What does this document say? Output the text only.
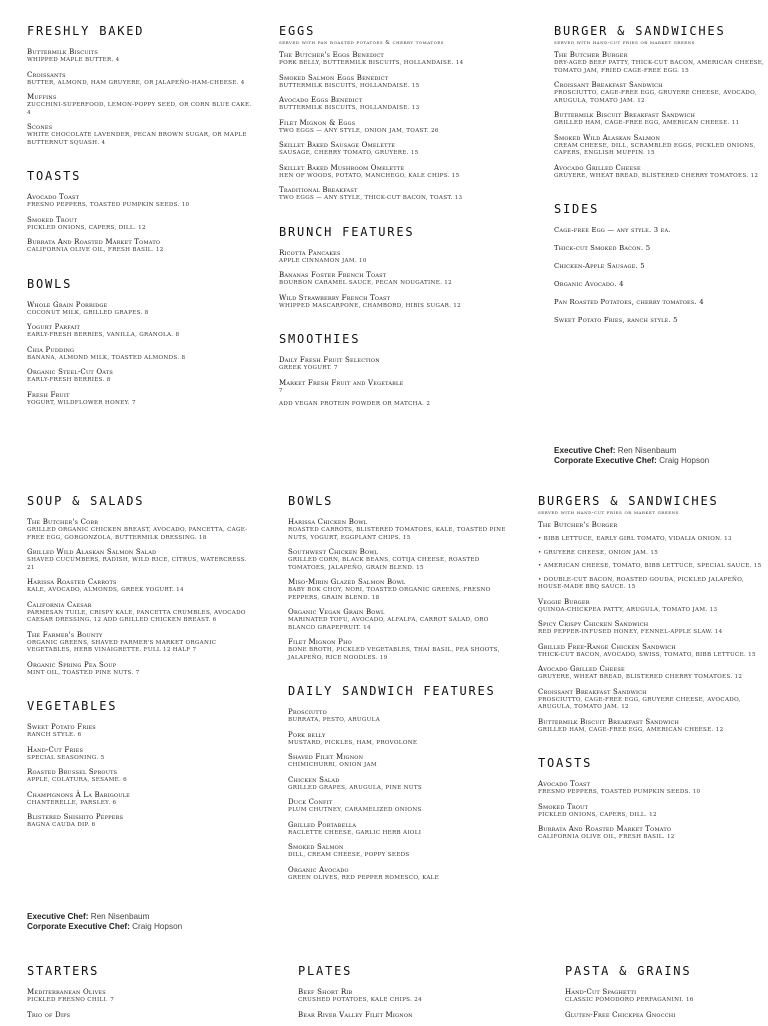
FRESHLY BAKED
Buttermilk Biscuits
WHIPPED MAPLE BUTTER. 4
Croissants
BUTTER, ALMOND, HAM GRUYERE, OR JALAPEÑO-HAM-CHEESE. 4
Muffins
ZUCCHINI-SUPERFOOD, LEMON-POPPY SEED, OR CORN BLUE CAKE. 4
Scones
WHITE CHOCOLATE LAVENDER, PECAN BROWN SUGAR, OR MAPLE BUTTERNUT SQUASH. 4
TOASTS
Avocado Toast
FRESNO PEPPERS, TOASTED PUMPKIN SEEDS. 10
Smoked Trout
PICKLED ONIONS, CAPERS, DILL. 12
Burrata And Roasted Market Tomato
CALIFORNIA OLIVE OIL, FRESH BASIL. 12
BOWLS
Whole Grain Porridge
COCONUT MILK, GRILLED GRAPES. 8
Yogurt Parfait
EARLY-FRESH BERRIES, VANILLA, GRANOLA. 8
Chia Pudding
BANANA, ALMOND MILK, TOASTED ALMONDS. 8
Organic Steel-Cut Oats
EARLY-FRESH BERRIES. 8
Fresh Fruit
YOGURT, WILDFLOWER HONEY. 7
EGGS
served with pan roasted potatoes & cherry tomatoes
The Butcher's Eggs Benedict
PORK BELLY, BUTTERMILK BISCUITS, HOLLANDAISE. 14
Smoked Salmon Eggs Benedict
BUTTERMILK BISCUITS, HOLLANDAISE. 15
Avocado Eggs Benedict
BUTTERMILK BISCUITS, HOLLANDAISE. 13
Filet Mignon & Eggs
TWO EGGS — ANY STYLE, ONION JAM, TOAST. 26
Skillet Baked Sausage Omelette
SAUSAGE, CHERRY TOMATO, GRUYERE. 15
Skillet Baked Mushroom Omelette
HEN OF WOODS, POTATO, MANCHEGO, KALE CHIPS. 15
Traditional Breakfast
TWO EGGS — ANY STYLE, THICK-CUT BACON, TOAST. 13
BRUNCH FEATURES
Ricotta Pancakes
APPLE CINNAMON JAM. 10
Bananas Foster French Toast
BOURBON CARAMEL SAUCE, PECAN NOUGATINE. 12
Wild Strawberry French Toast
WHIPPED MASCARPONE, CHAMBORD, HIBIS SUGAR. 12
SMOOTHIES
Daily Fresh Fruit Selection
GREEK YOGURT. 7
Market Fresh Fruit and Vegetable
7
ADD VEGAN PROTEIN POWDER OR MATCHA. 2
BURGER & SANDWICHES
served with hand-cut fries or market greens
The Butcher Burger
DRY-AGED BEEF PATTY, THICK-CUT BACON, AMERICAN CHEESE, TOMATO JAM, FRIED CAGE-FREE EGG. 15
Croissant Breakfast Sandwich
PROSCIUTTO, CAGE-FREE EGG, GRUYERE CHEESE, AVOCADO, ARUGULA, TOMATO JAM. 12
Buttermilk Biscuit Breakfast Sandwich
GRILLED HAM, CAGE-FREE EGG, AMERICAN CHEESE. 11
Smoked Wild Alaskan Salmon
CREAM CHEESE, DILL, SCRAMBLED EGGS, PICKLED ONIONS, CAPERS, ENGLISH MUFFIN. 15
Avocado Grilled Cheese
GRUYERE, WHEAT BREAD, BLISTERED CHERRY TOMATOES. 12
SIDES
Cage-free Egg — any style. 3 ea.
Thick-cut Smoked Bacon. 5
Chicken-Apple Sausage. 5
Organic Avocado. 4
Pan Roasted Potatoes, cherry tomatoes. 4
Sweet Potato Fries, ranch style. 5
Executive Chef: Ren Nisenbaum
Corporate Executive Chef: Craig Hopson
SOUP & SALADS
The Butcher's Cobb
GRILLED ORGANIC CHICKEN BREAST, AVOCADO, PANCETTA, CAGE-FREE EGG, GORGONZOLA, BUTTERMILK DRESSING. 18
Grilled Wild Alaskan Salmon Salad
SHAVED CUCUMBERS, RADISH, WILD RICE, CITRUS, WATERCRESS. 21
Harissa Roasted Carrots
KALE, AVOCADO, ALMONDS, GREEK YOGURT. 14
California Caesar
PARMESAN TUILE, CRISPY KALE, PANCETTA CRUMBLES, AVOCADO CAESAR DRESSING. 12 ADD GRILLED CHICKEN BREAST. 6
The Farmer's Bounty
ORGANIC GREENS, SHAVED FARMER'S MARKET ORGANIC VEGETABLES, HERB VINAIGRETTE. FULL 12 HALF 7
Organic Spring Pea Soup
MINT OIL, TOASTED PINE NUTS. 7
VEGETABLES
Sweet Potato Fries
RANCH STYLE. 6
Hand-Cut Fries
SPECIAL SEASONING. 5
Roasted Brussel Sprouts
APPLE, COLATURA, SESAME. 6
Champignons À La Barigoule
CHANTERELLE, PARSLEY. 6
Blistered Shishito Peppers
BAGNA CAUDA DIP. 6
BOWLS
Harissa Chicken Bowl
ROASTED CARROTS, BLISTERED TOMATOES, KALE, TOASTED PINE NUTS, YOGURT, EGGPLANT CHIPS. 15
Southwest Chicken Bowl
GRILLED CORN, BLACK BEANS, COTIJA CHEESE, ROASTED TOMATOES, JALAPEÑO, GRAIN BLEND. 15
Miso-Mirin Glazed Salmon Bowl
BABY BOK CHOY, NORI, TOASTED ORGANIC GREENS, FRESNO PEPPERS, GRAIN BLEND. 18
Organic Vegan Grain Bowl
MARINATED TOFU, AVOCADO, ALFALFA, CARROT SALAD, ORO BLANCO GRAPEFRUIT. 14
Filet Mignon Pho
BONE BROTH, PICKLED VEGETABLES, THAI BASIL, PEA SHOOTS, JALAPEÑO, RICE NOODLES. 19
DAILY SANDWICH FEATURES
Prosciutto
BURRATA, PESTO, ARUGULA
Pork belly
MUSTARD, PICKLES, HAM, PROVOLONE
Shaved Filet Mignon
CHIMICHURRI, ONION JAM
Chicken Salad
GRILLED GRAPES, ARUGULA, PINE NUTS
Duck Confit
PLUM CHUTNEY, CARAMELIZED ONIONS
Grilled Portabella
RACLETTE CHEESE, GARLIC HERB AIOLI
Smoked Salmon
DILL, CREAM CHEESE, POPPY SEEDS
Organic Avocado
GREEN OLIVES, RED PEPPER ROMESCO, KALE
BURGERS & SANDWICHES
served with hand-cut fries or market greens
The Butcher's Burger
• BIBB LETTUCE, EARLY GIRL TOMATO, VIDALIA ONION. 13
• GRUYERE CHEESE, ONION JAM. 15
• AMERICAN CHEESE, TOMATO, BIBB LETTUCE, SPECIAL SAUCE. 15
• DOUBLE-CUT BACON, ROASTED GOUDA, PICKLED JALAPEÑO, HOUSE-MADE BBQ SAUCE. 15
Veggie Burger
QUINOA-CHICKPEA PATTY, ARUGULA, TOMATO JAM. 13
Spicy Crispy Chicken Sandwich
RED PEPPER-INFUSED HONEY, FENNEL-APPLE SLAW. 14
Grilled Free-Range Chicken Sandwich
THICK-CUT BACON, AVOCADO, SWISS, TOMATO, BIBB LETTUCE. 15
Avocado Grilled Cheese
GRUYERE, WHEAT BREAD, BLISTERED CHERRY TOMATOES. 12
Croissant Breakfast Sandwich
PROSCIUTTO, CAGE-FREE EGG, GRUYERE CHEESE, AVOCADO, ARUGULA, TOMATO JAM. 12
Buttermilk Biscuit Breakfast Sandwich
GRILLED HAM, CAGE-FREE EGG, AMERICAN CHEESE. 12
TOASTS
Avocado Toast
FRESNO PEPPERS, TOASTED PUMPKIN SEEDS. 10
Smoked Trout
PICKLED ONIONS, CAPERS, DILL. 12
Burrata And Roasted Market Tomato
CALIFORNIA OLIVE OIL, FRESH BASIL. 12
Executive Chef: Ren Nisenbaum
Corporate Executive Chef: Craig Hopson
STARTERS
Mediterranean Olives
PICKLED FRESNO CHILI. 7
Trio of Dips
PLATES
Beef Short Rib
CRUSHED POTATOES, KALE CHIPS. 24
Bear River Valley Filet Mignon
PASTA & GRAINS
Hand-Cut Spaghetti
CLASSIC POMODORO PERFAGANINI. 16
Gluten-Free Chickpea Gnocchi
